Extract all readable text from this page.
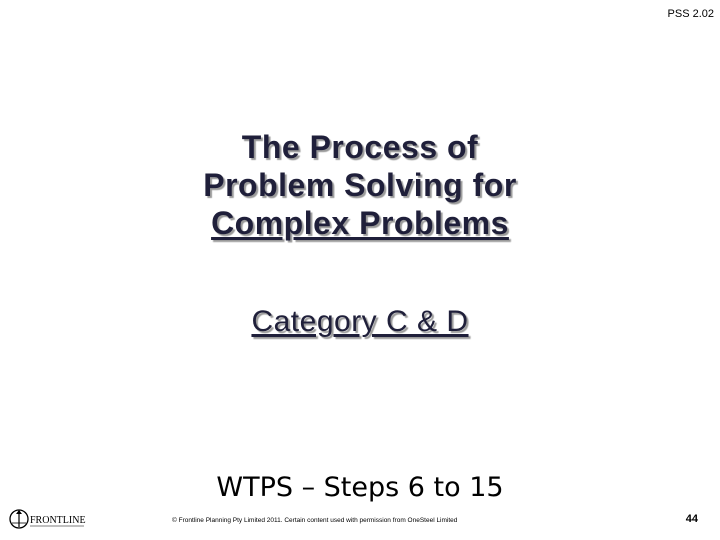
PSS 2.02
The Process of
Problem Solving for
Complex Problems
Category C & D
WTPS – Steps 6 to 15
FRONTLINE	© Frontline Planning Pty Limited 2011. Certain content used with permission from OneSteel Limited	44
